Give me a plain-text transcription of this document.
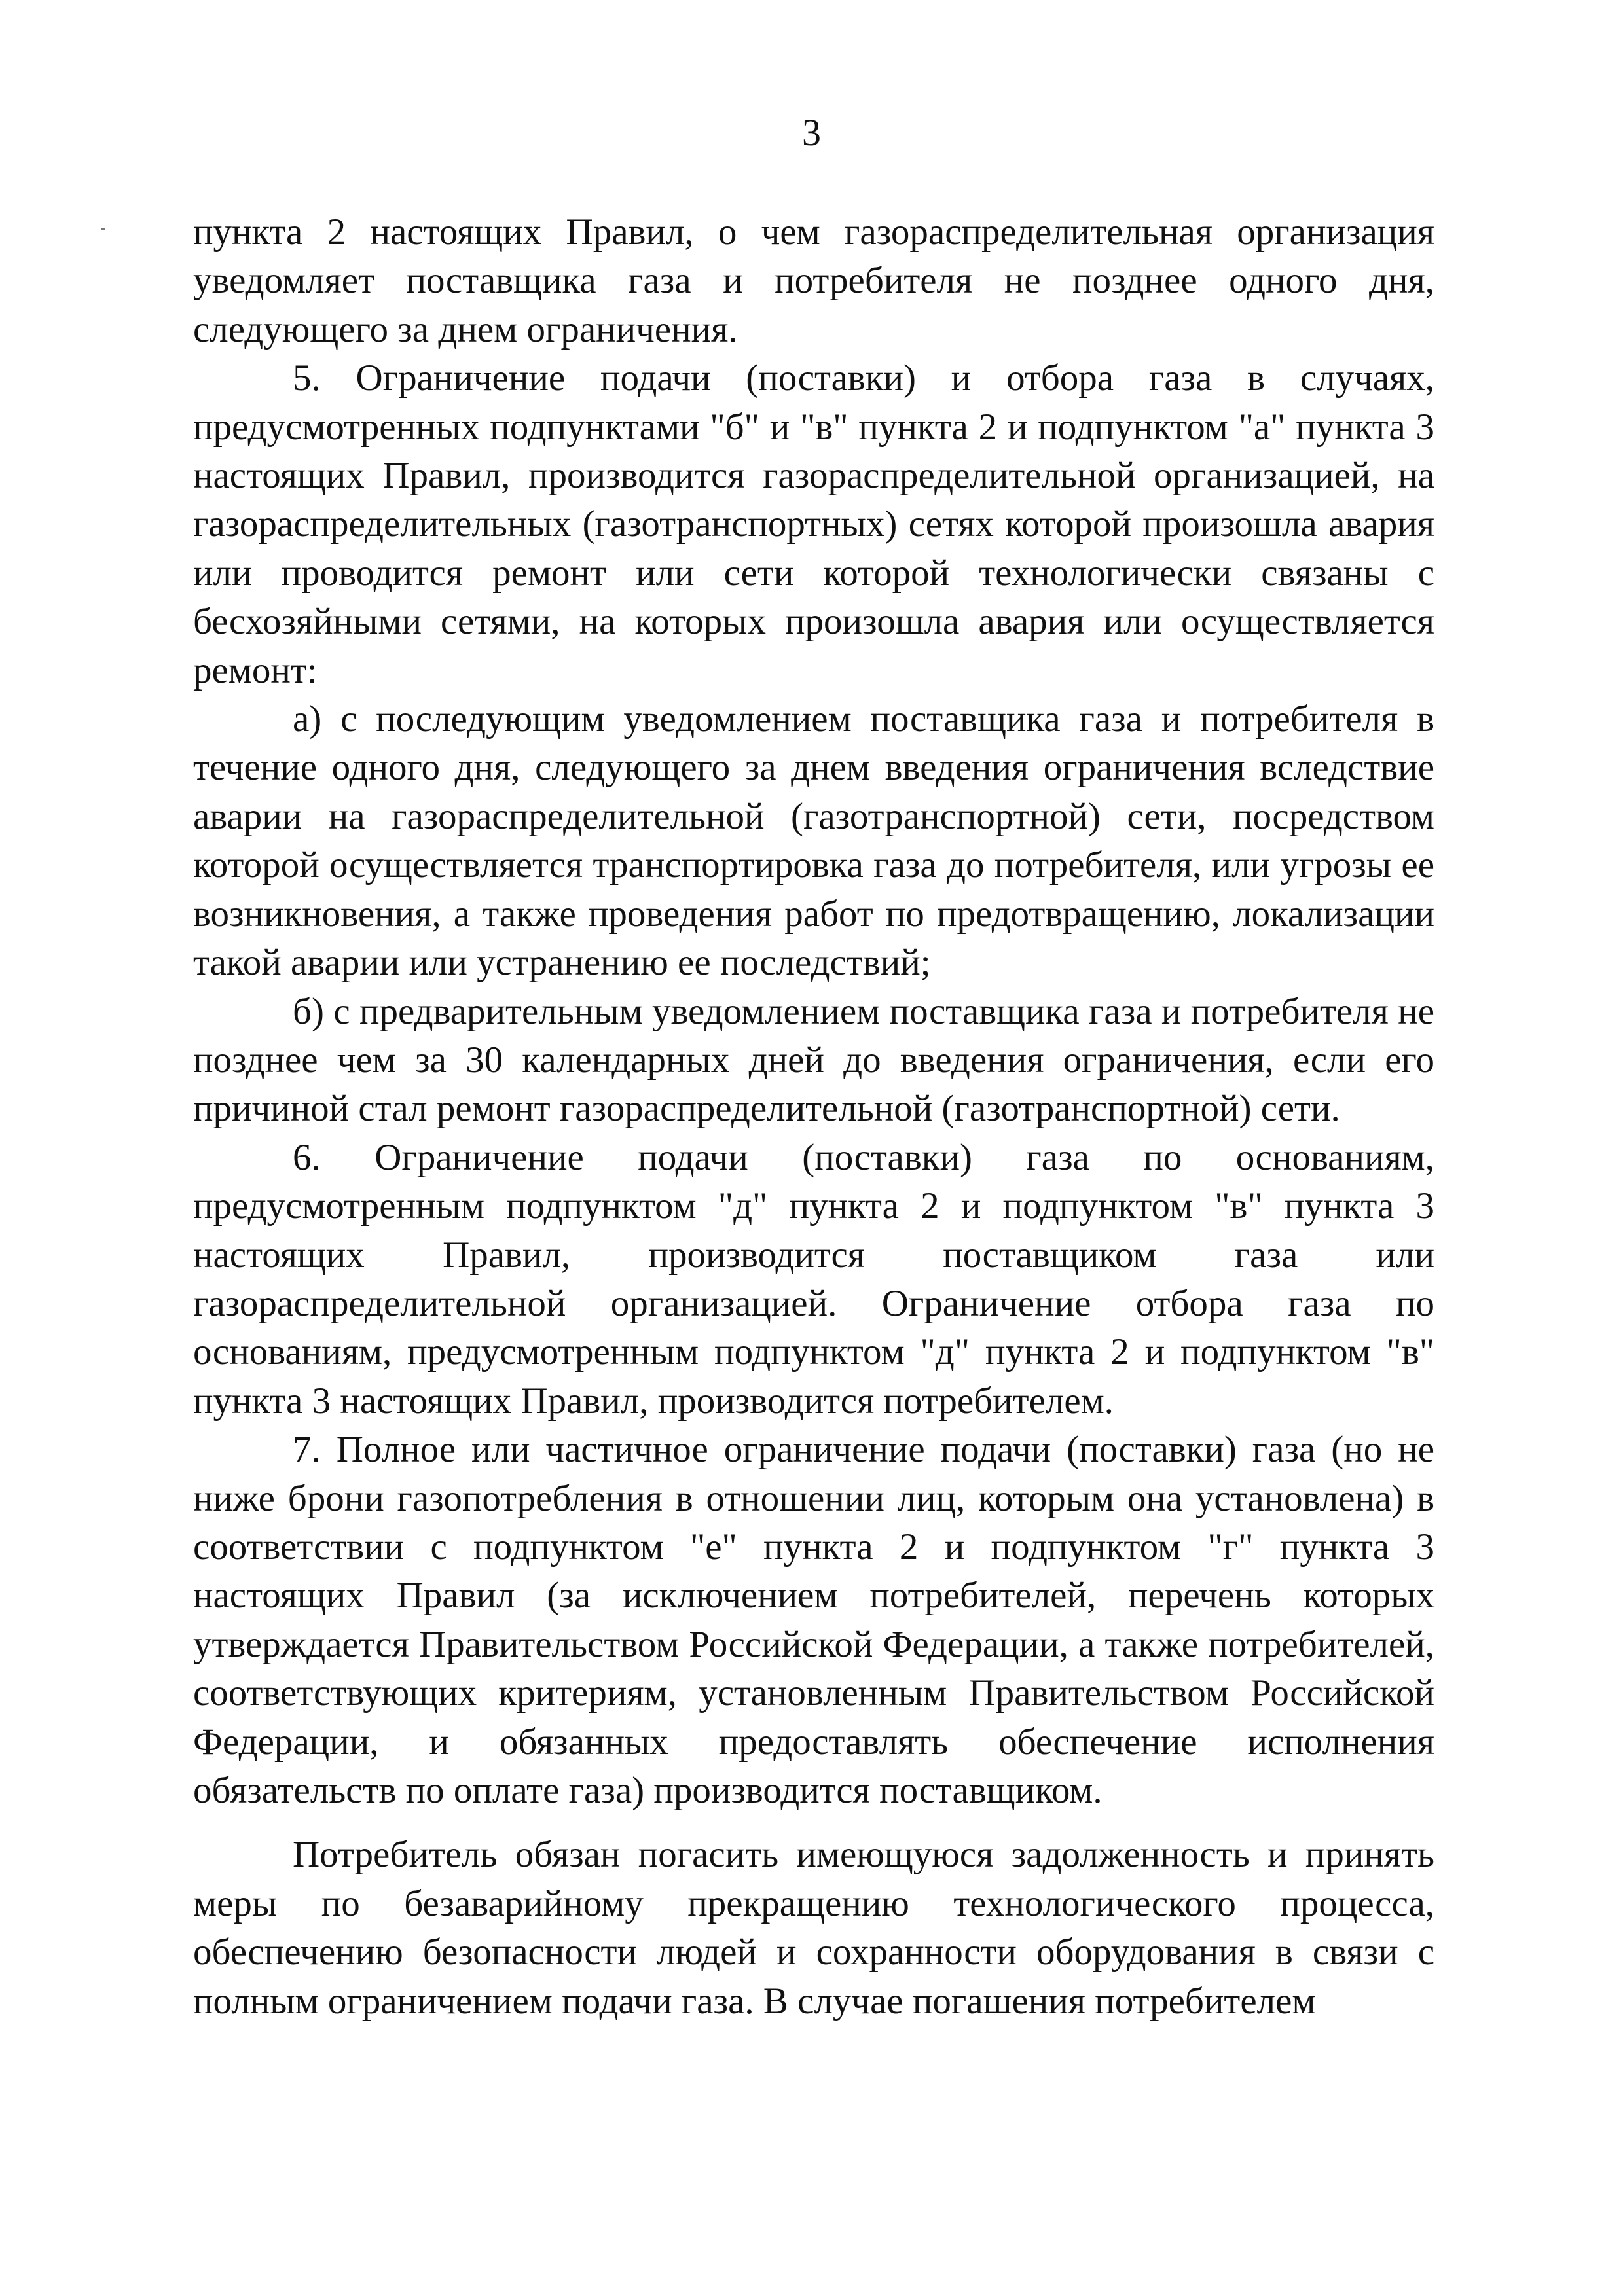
3

пункта 2 настоящих Правил, о чем газораспределительная организация уведомляет поставщика газа и потребителя не позднее одного дня, следующего за днем ограничения.

5. Ограничение подачи (поставки) и отбора газа в случаях, предусмотренных подпунктами "б" и "в" пункта 2 и подпунктом "а" пункта 3 настоящих Правил, производится газораспределительной организацией, на газораспределительных (газотранспортных) сетях которой произошла авария или проводится ремонт или сети которой технологически связаны с бесхозяйными сетями, на которых произошла авария или осуществляется ремонт:

а) с последующим уведомлением поставщика газа и потребителя в течение одного дня, следующего за днем введения ограничения вследствие аварии на газораспределительной (газотранспортной) сети, посредством которой осуществляется транспортировка газа до потребителя, или угрозы ее возникновения, а также проведения работ по предотвращению, локализации такой аварии или устранению ее последствий;

б) с предварительным уведомлением поставщика газа и потребителя не позднее чем за 30 календарных дней до введения ограничения, если его причиной стал ремонт газораспределительной (газотранспортной) сети.

6. Ограничение подачи (поставки) газа по основаниям, предусмотренным подпунктом "д" пункта 2 и подпунктом "в" пункта 3 настоящих Правил, производится поставщиком газа или газораспределительной организацией. Ограничение отбора газа по основаниям, предусмотренным подпунктом "д" пункта 2 и подпунктом "в" пункта 3 настоящих Правил, производится потребителем.

7. Полное или частичное ограничение подачи (поставки) газа (но не ниже брони газопотребления в отношении лиц, которым она установлена) в соответствии с подпунктом "е" пункта 2 и подпунктом "г" пункта 3 настоящих Правил (за исключением потребителей, перечень которых утверждается Правительством Российской Федерации, а также потребителей, соответствующих критериям, установленным Правительством Российской Федерации, и обязанных предоставлять обеспечение исполнения обязательств по оплате газа) производится поставщиком.

Потребитель обязан погасить имеющуюся задолженность и принять меры по безаварийному прекращению технологического процесса, обеспечению безопасности людей и сохранности оборудования в связи с полным ограничением подачи газа. В случае погашения потребителем
